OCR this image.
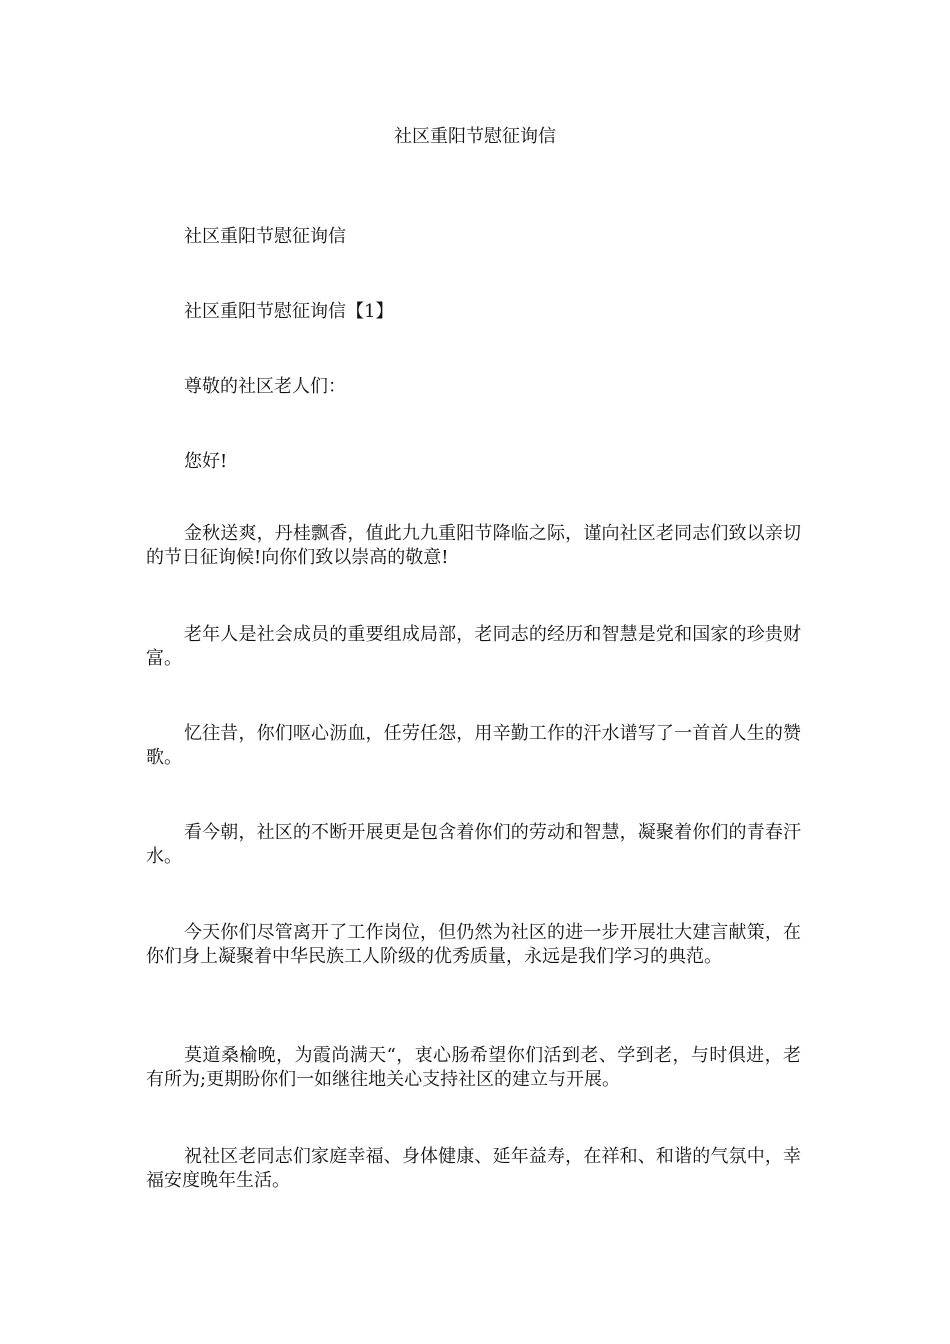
社区重阳节慰征询信

社区重阳节慰征询信

社区重阳节慰征询信【1】

尊敬的社区老人们：

您好!

金秋送爽，丹桂飘香，值此九九重阳节降临之际，谨向社区老同志们致以亲切的节日征询候!向你们致以崇高的敬意!

老年人是社会成员的重要组成局部，老同志的经历和智慧是党和国家的珍贵财富。

忆往昔，你们呕心沥血，任劳任怨，用辛勤工作的汗水谱写了一首首人生的赞歌。

看今朝，社区的不断开展更是包含着你们的劳动和智慧，凝聚着你们的青春汗水。

今天你们尽管离开了工作岗位，但仍然为社区的进一步开展壮大建言献策，在你们身上凝聚着中华民族工人阶级的优秀质量，永远是我们学习的典范。

莫道桑榆晚，为霞尚满天“，衷心肠希望你们活到老、学到老，与时俱进，老有所为;更期盼你们一如继往地关心支持社区的建立与开展。

祝社区老同志们家庭幸福、身体健康、延年益寿，在祥和、和谐的气氛中，幸福安度晚年生活。
